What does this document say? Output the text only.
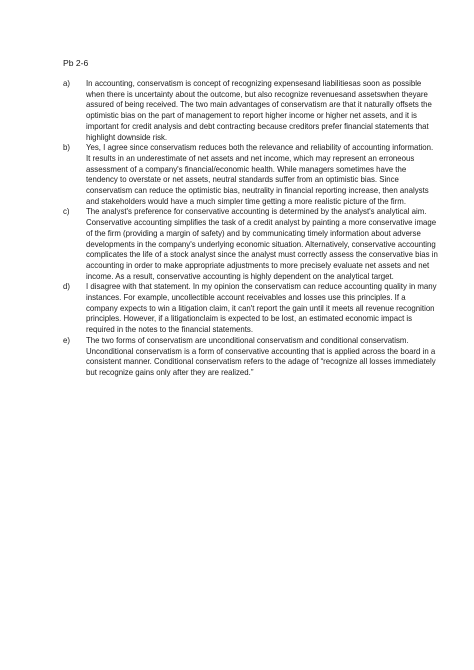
Pb 2-6
a)	In accounting, conservatism is concept of recognizing expensesand liabilitiesas soon as possible when there is uncertainty about the outcome, but also recognize revenuesand assetswhen theyare assured of being received. The two main advantages of conservatism are that it naturally offsets the optimistic bias on the part of management to report higher income or higher net assets, and it is important for credit analysis and debt contracting because creditors prefer financial statements that highlight downside risk.
b)	Yes, I agree since conservatism reduces both the relevance and reliability of accounting information. It results in an underestimate of net assets and net income, which may represent an erroneous assessment of a company's financial/economic health. While managers sometimes have the tendency to overstate or net assets, neutral standards suffer from an optimistic bias. Since conservatism can reduce the optimistic bias, neutrality in financial reporting increase, then analysts and stakeholders would have a much simpler time getting a more realistic picture of the firm.
c)	The analyst's preference for conservative accounting is determined by the analyst's analytical aim. Conservative accounting simplifies the task of a credit analyst by painting a more conservative image of the firm (providing a margin of safety) and by communicating timely information about adverse developments in the company's underlying economic situation. Alternatively, conservative accounting complicates the life of a stock analyst since the analyst must correctly assess the conservative bias in accounting in order to make appropriate adjustments to more precisely evaluate net assets and net income. As a result, conservative accounting is highly dependent on the analytical target.
d)	I disagree with that statement. In my opinion the conservatism can reduce accounting quality in many instances. For example, uncollectible account receivables and losses use this principles. If a company expects to win a litigation claim, it can't report the gain until it meets all revenue recognition principles. However, if a litigationclaim is expected to be lost, an estimated economic impact is required in the notes to the financial statements.
e)	The two forms of conservatism are unconditional conservatism and conditional conservatism. Unconditional conservatism is a form of conservative accounting that is applied across the board in a consistent manner. Conditional conservatism refers to the adage of “recognize all losses immediately but recognize gains only after they are realized.”
